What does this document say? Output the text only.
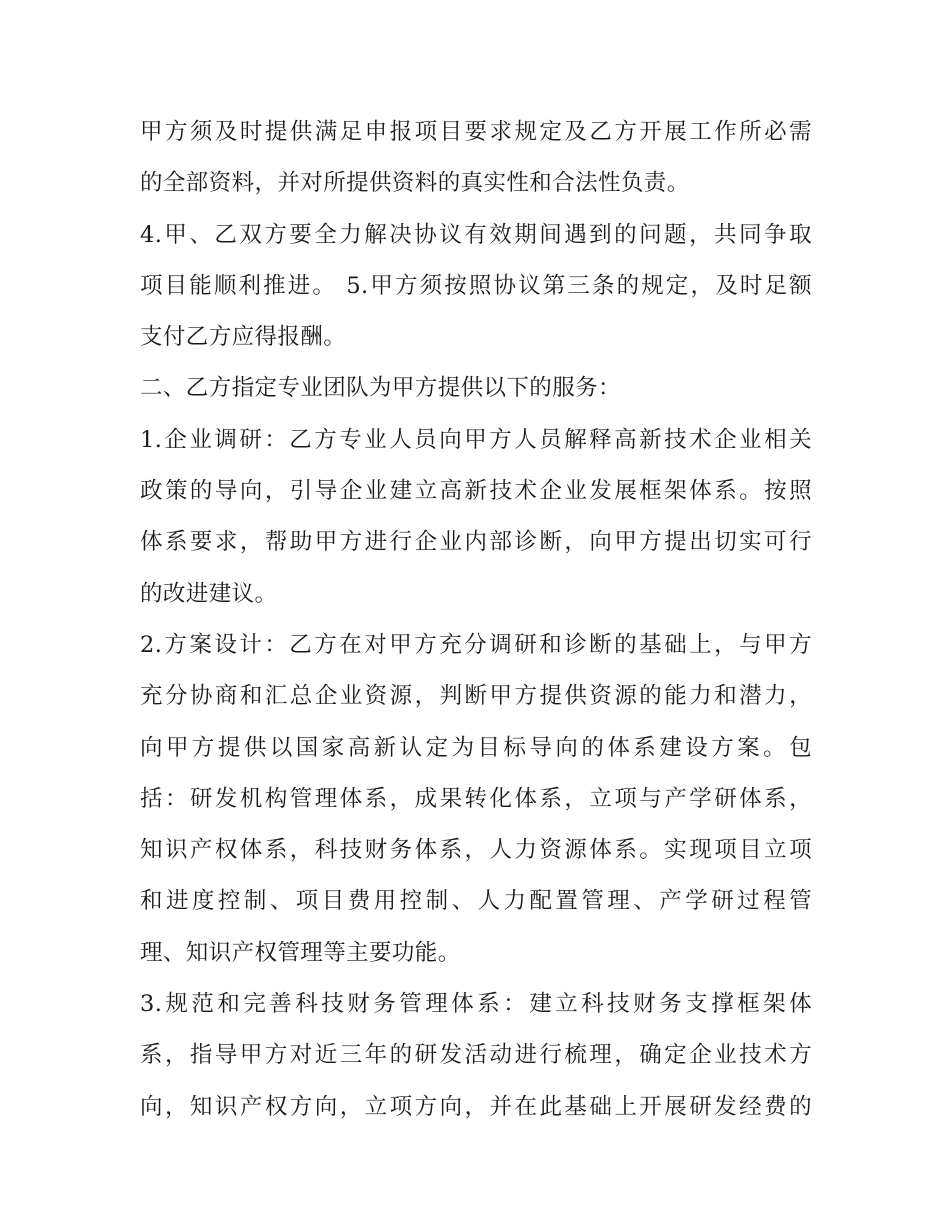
甲方须及时提供满足申报项目要求规定及乙方开展工作所必需
的全部资料，并对所提供资料的真实性和合法性负责。
4.甲、乙双方要全力解决协议有效期间遇到的问题，共同争取
项目能顺利推进。 5.甲方须按照协议第三条的规定，及时足额
支付乙方应得报酬。
二、乙方指定专业团队为甲方提供以下的服务：
1.企业调研：乙方专业人员向甲方人员解释高新技术企业相关
政策的导向，引导企业建立高新技术企业发展框架体系。按照
体系要求，帮助甲方进行企业内部诊断，向甲方提出切实可行
的改进建议。
2.方案设计：乙方在对甲方充分调研和诊断的基础上，与甲方
充分协商和汇总企业资源，判断甲方提供资源的能力和潜力，
向甲方提供以国家高新认定为目标导向的体系建设方案。包
括：研发机构管理体系，成果转化体系，立项与产学研体系，
知识产权体系，科技财务体系，人力资源体系。实现项目立项
和进度控制、项目费用控制、人力配置管理、产学研过程管
理、知识产权管理等主要功能。
3.规范和完善科技财务管理体系：建立科技财务支撑框架体
系，指导甲方对近三年的研发活动进行梳理，确定企业技术方
向，知识产权方向，立项方向，并在此基础上开展研发经费的
